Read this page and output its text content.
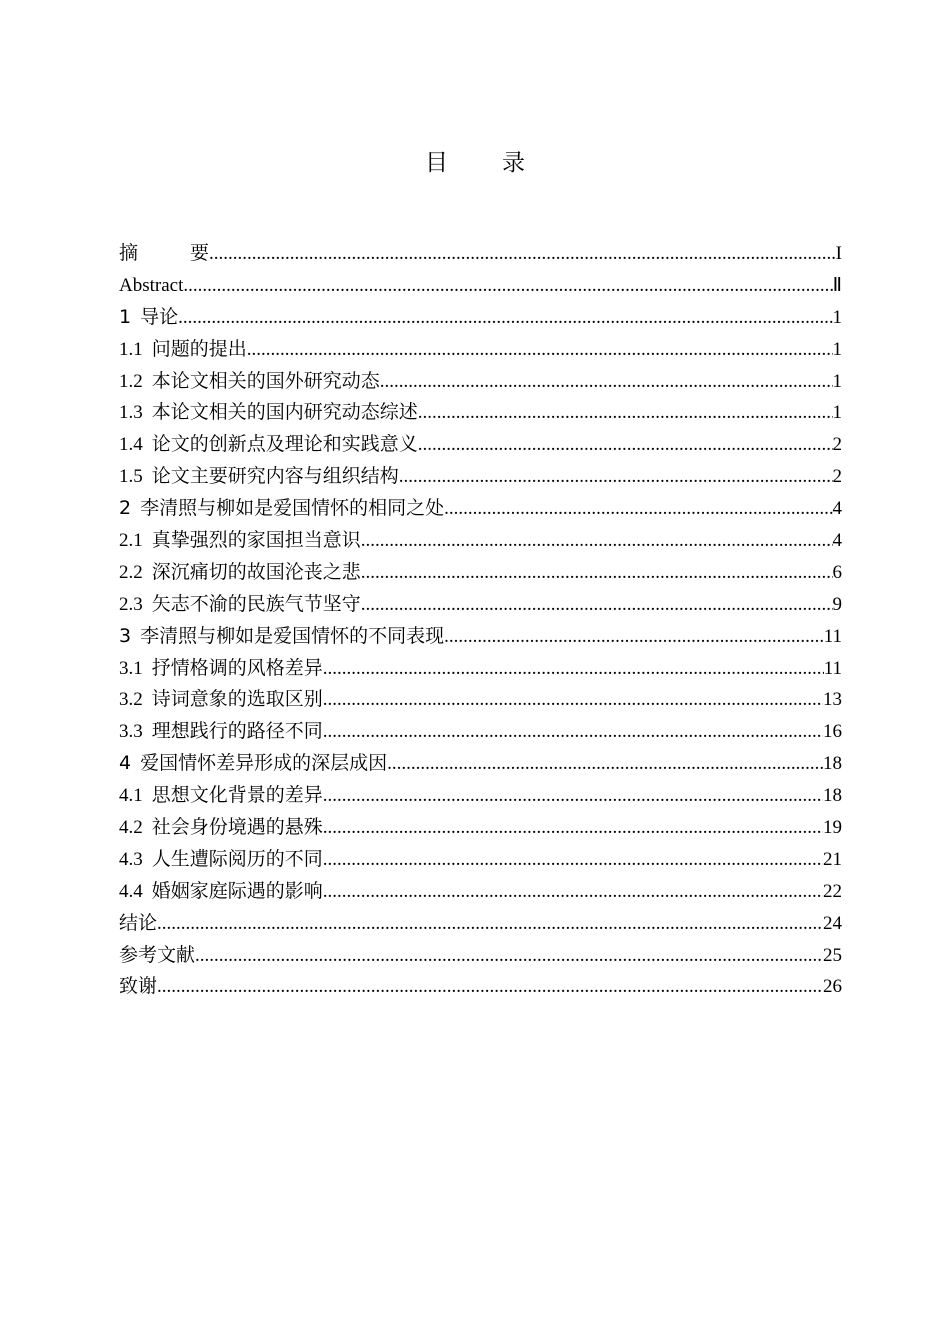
目 录
摘	要 .....	I
Abstract .....	Ⅱ
1 导论 .....	1
1.1 问题的提出 .....	1
1.2 本论文相关的国外研究动态 .....	1
1.3 本论文相关的国内研究动态综述 .....	1
1.4 论文的创新点及理论和实践意义 .....	2
1.5 论文主要研究内容与组织结构 .....	2
2 李清照与柳如是爱国情怀的相同之处 .....	4
2.1 真挚强烈的家国担当意识 .....	4
2.2 深沉痛切的故国沦丧之悲 .....	6
2.3 矢志不渝的民族气节坚守 .....	9
3 李清照与柳如是爱国情怀的不同表现 .....	11
3.1 抒情格调的风格差异 .....	11
3.2 诗词意象的选取区别 .....	13
3.3 理想践行的路径不同 .....	16
4 爱国情怀差异形成的深层成因 .....	18
4.1 思想文化背景的差异 .....	18
4.2 社会身份境遇的悬殊 .....	19
4.3 人生遭际阅历的不同 .....	21
4.4 婚姻家庭际遇的影响 .....	22
结论 .....	24
参考文献 .....	25
致谢 .....	26
